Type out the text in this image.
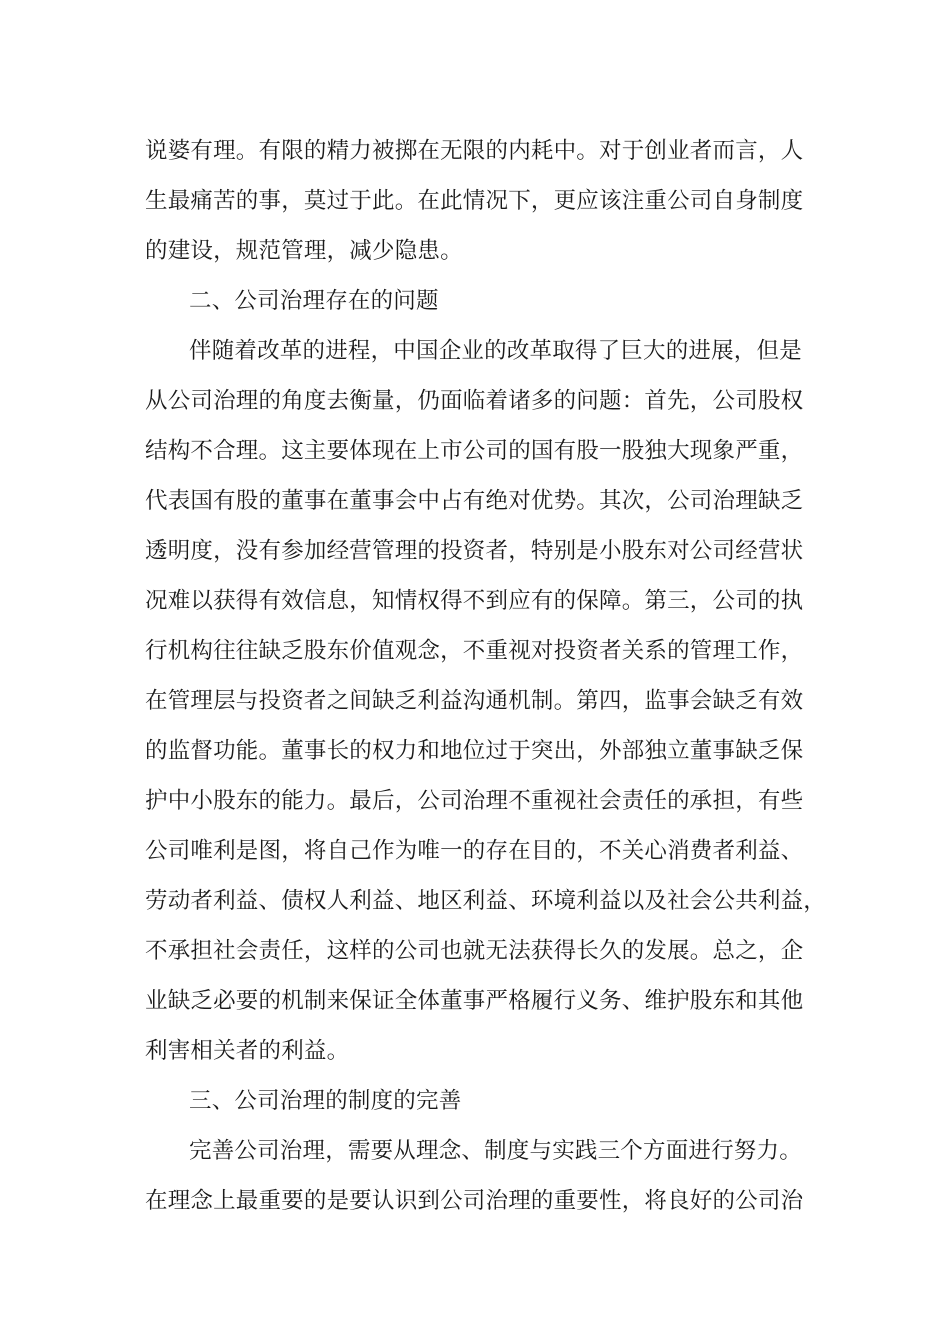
说婆有理。有限的精力被掷在无限的内耗中。对于创业者而言，人
生最痛苦的事，莫过于此。在此情况下，更应该注重公司自身制度
的建设，规范管理，减少隐患。
二、公司治理存在的问题
伴随着改革的进程，中国企业的改革取得了巨大的进展，但是
从公司治理的角度去衡量，仍面临着诸多的问题：首先，公司股权
结构不合理。这主要体现在上市公司的国有股一股独大现象严重，
代表国有股的董事在董事会中占有绝对优势。其次，公司治理缺乏
透明度，没有参加经营管理的投资者，特别是小股东对公司经营状
况难以获得有效信息，知情权得不到应有的保障。第三，公司的执
行机构往往缺乏股东价值观念，不重视对投资者关系的管理工作，
在管理层与投资者之间缺乏利益沟通机制。第四，监事会缺乏有效
的监督功能。董事长的权力和地位过于突出，外部独立董事缺乏保
护中小股东的能力。最后，公司治理不重视社会责任的承担，有些
公司唯利是图，将自己作为唯一的存在目的，不关心消费者利益、
劳动者利益、债权人利益、地区利益、环境利益以及社会公共利益，
不承担社会责任，这样的公司也就无法获得长久的发展。总之，企
业缺乏必要的机制来保证全体董事严格履行义务、维护股东和其他
利害相关者的利益。
三、公司治理的制度的完善
完善公司治理，需要从理念、制度与实践三个方面进行努力。
在理念上最重要的是要认识到公司治理的重要性，将良好的公司治
